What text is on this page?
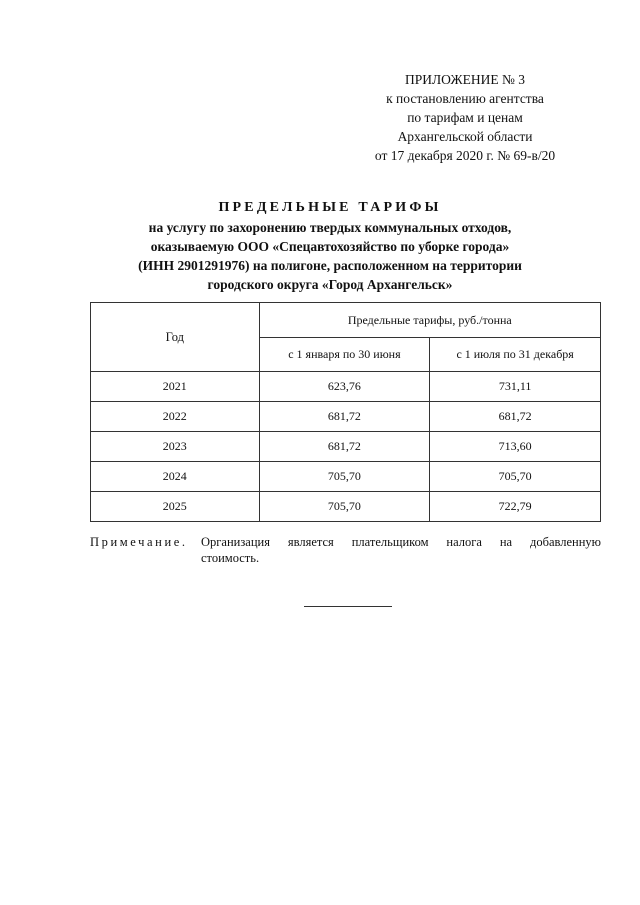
ПРИЛОЖЕНИЕ № 3
к постановлению агентства
по тарифам и ценам
Архангельской области
от 17 декабря 2020 г. № 69-в/20
ПРЕДЕЛЬНЫЕ ТАРИФЫ
на услугу по захоронению твердых коммунальных отходов,
оказываемую ООО «Спецавтохозяйство по уборке города»
(ИНН 2901291976) на полигоне, расположенном на территории
городского округа «Город Архангельск»
Год	Предельные тарифы, руб./тонна	
	с 1 января по 30 июня	с 1 июля по 31 декабря
2021	623,76	731,11
2022	681,72	681,72
2023	681,72	713,60
2024	705,70	705,70
2025	705,70	722,79
Примечание. Организация является плательщиком налога на добавленную
стоимость.
